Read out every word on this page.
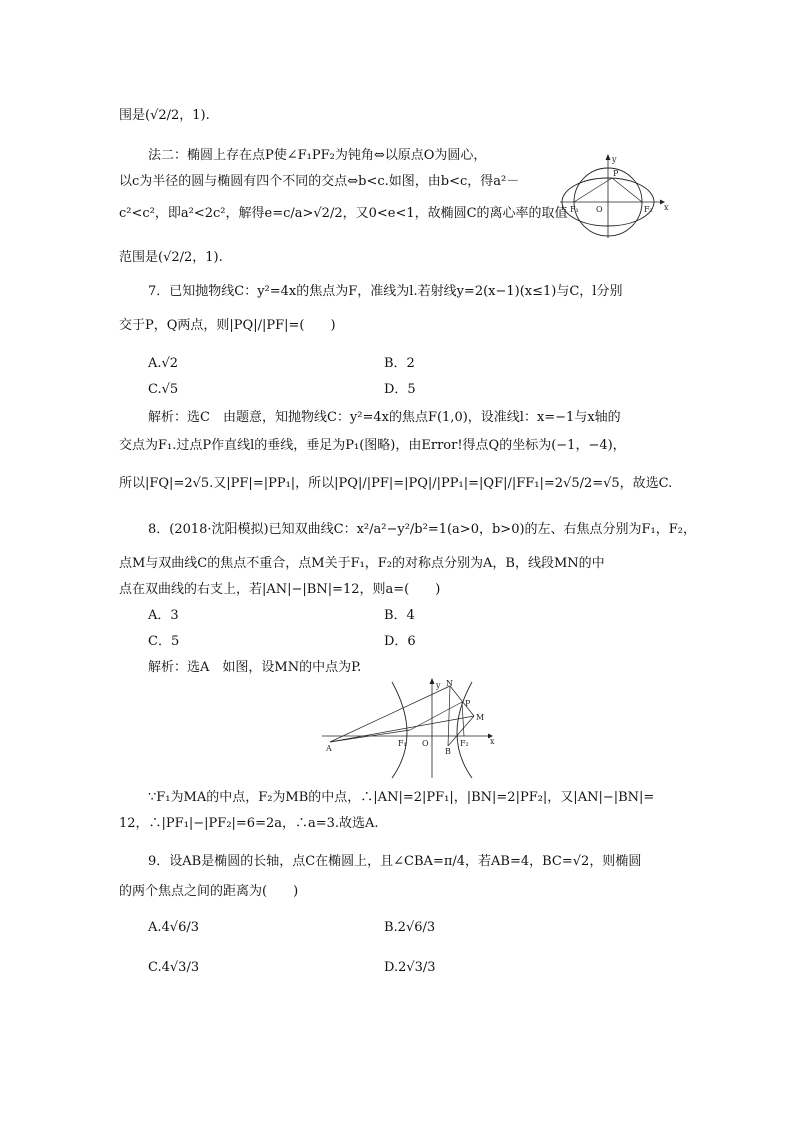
围是(√2/2，1).
法二：椭圆上存在点P使∠F₁PF₂为钝角⇔以原点O为圆心，
以c为半径的圆与椭圆有四个不同的交点⇔b<c.如图，由b<c，得a²－
c²<c²，即a²<2c²，解得e=c/a>√2/2，又0<e<1，故椭圆C的离心率的取值
范围是(√2/2，1).
y
x
P
F₁ O	F₂
7．已知抛物线C：y²=4x的焦点为F，准线为l.若射线y=2(x−1)(x≤1)与C，l分别
交于P，Q两点，则|PQ|/|PF|=(　　)
A.√2	B．2
C.√5	D．5
解析：选C　由题意，知抛物线C：y²=4x的焦点F(1,0)，设准线l：x=−1与x轴的
交点为F₁.过点P作直线l的垂线，垂足为P₁(图略)，由Error!得点Q的坐标为(−1，−4)，
所以|FQ|=2√5.又|PF|=|PP₁|，所以|PQ|/|PF|=|PQ|/|PP₁|=|QF|/|FF₁|=2√5/2=√5，故选C.
8．(2018·沈阳模拟)已知双曲线C：x²/a²−y²/b²=1(a>0，b>0)的左、右焦点分别为F₁，F₂，
点M与双曲线C的焦点不重合，点M关于F₁，F₂的对称点分别为A，B，线段MN的中
点在双曲线的右支上，若|AN|−|BN|=12，则a=(　　)
A．3	B．4
C．5	D．6
解析：选A　如图，设MN的中点为P.
y N
P
M
A
F₁ O	F₂
B
x
∵F₁为MA的中点，F₂为MB的中点，∴|AN|=2|PF₁|，|BN|=2|PF₂|，又|AN|−|BN|=
12，∴|PF₁|−|PF₂|=6=2a，∴a=3.故选A.
9．设AB是椭圆的长轴，点C在椭圆上，且∠CBA=π/4，若AB=4，BC=√2，则椭圆
的两个焦点之间的距离为(　　)
A.4√6/3	B.2√6/3
C.4√3/3	D.2√3/3
